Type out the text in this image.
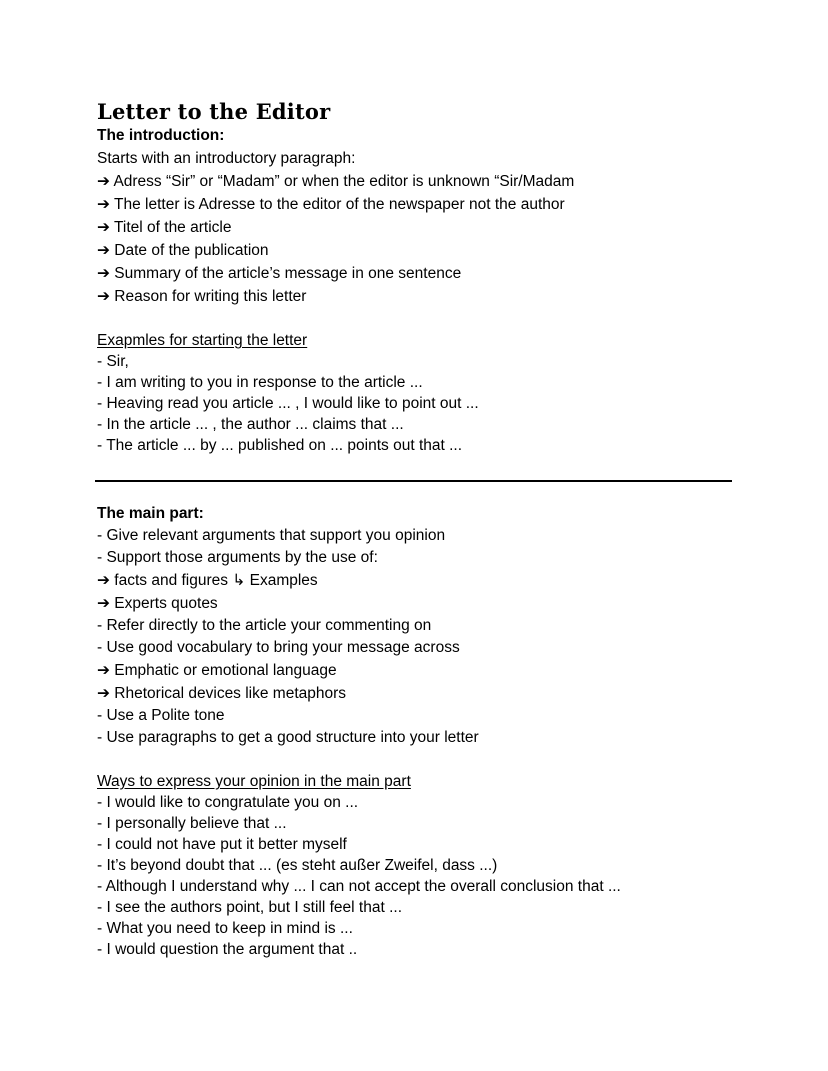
Letter to the Editor

The introduction:

Starts with an introductory paragraph:

➔ Adress “Sir” or “Madam” or when the editor is unknown “Sir/Madam

➔ The letter is Adresse to the editor of the newspaper not the author

➔ Titel of the article

➔ Date of the publication

➔ Summary of the article’s message in one sentence

➔ Reason for writing this letter

Exapmles for starting the letter

- Sir,

- I am writing to you in response to the article ...

- Heaving read you article ... , I would like to point out ...

- In the article ... , the author ... claims that ...

- The article ... by ... published on ... points out that ...

The main part:

- Give relevant arguments that support you opinion

- Support those arguments by the use of:

➔ facts and figures ↳ Examples

➔ Experts quotes

- Refer directly to the article your commenting on

- Use good vocabulary to bring your message across

➔ Emphatic or emotional language

➔ Rhetorical devices like metaphors

- Use a Polite tone

- Use paragraphs to get a good structure into your letter

Ways to express your opinion in the main part

- I would like to congratulate you on ...

- I personally believe that ...

- I could not have put it better myself

- It’s beyond doubt that ... (es steht außer Zweifel, dass ...)

- Although I understand why ... I can not accept the overall conclusion that ...

- I see the authors point, but I still feel that ...

- What you need to keep in mind is ...

- I would question the argument that ..
